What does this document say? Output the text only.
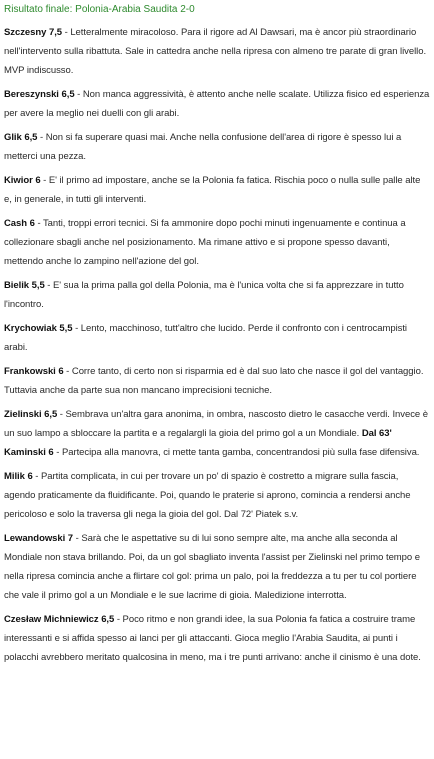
Risultato finale: Polonia-Arabia Saudita 2-0
Szczesny 7,5 - Letteralmente miracoloso. Para il rigore ad Al Dawsari, ma è ancor più straordinario nell'intervento sulla ribattuta. Sale in cattedra anche nella ripresa con almeno tre parate di gran livello. MVP indiscusso.
Bereszynski 6,5 - Non manca aggressività, è attento anche nelle scalate. Utilizza fisico ed esperienza per avere la meglio nei duelli con gli arabi.
Glik 6,5 - Non si fa superare quasi mai. Anche nella confusione dell'area di rigore è spesso lui a metterci una pezza.
Kiwior 6 - E' il primo ad impostare, anche se la Polonia fa fatica. Rischia poco o nulla sulle palle alte e, in generale, in tutti gli interventi.
Cash 6 - Tanti, troppi errori tecnici. Si fa ammonire dopo pochi minuti ingenuamente e continua a collezionare sbagli anche nel posizionamento. Ma rimane attivo e si propone spesso davanti, mettendo anche lo zampino nell'azione del gol.
Bielik 5,5 - E' sua la prima palla gol della Polonia, ma è l'unica volta che si fa apprezzare in tutto l'incontro.
Krychowiak 5,5 - Lento, macchinoso, tutt'altro che lucido. Perde il confronto con i centrocampisti arabi.
Frankowski 6 - Corre tanto, di certo non si risparmia ed è dal suo lato che nasce il gol del vantaggio. Tuttavia anche da parte sua non mancano imprecisioni tecniche.
Zielinski 6,5 - Sembrava un'altra gara anonima, in ombra, nascosto dietro le casacche verdi. Invece è un suo lampo a sbloccare la partita e a regalargli la gioia del primo gol a un Mondiale. Dal 63' Kaminski 6 - Partecipa alla manovra, ci mette tanta gamba, concentrandosi più sulla fase difensiva.
Milik 6 - Partita complicata, in cui per trovare un po' di spazio è costretto a migrare sulla fascia, agendo praticamente da fluidificante. Poi, quando le praterie si aprono, comincia a rendersi anche pericoloso e solo la traversa gli nega la gioia del gol. Dal 72' Piatek s.v.
Lewandowski 7 - Sarà che le aspettative su di lui sono sempre alte, ma anche alla seconda al Mondiale non stava brillando. Poi, da un gol sbagliato inventa l'assist per Zielinski nel primo tempo e nella ripresa comincia anche a flirtare col gol: prima un palo, poi la freddezza a tu per tu col portiere che vale il primo gol a un Mondiale e le sue lacrime di gioia. Maledizione interrotta.
Czesław Michniewicz 6,5 - Poco ritmo e non grandi idee, la sua Polonia fa fatica a costruire trame interessanti e si affida spesso ai lanci per gli attaccanti. Gioca meglio l'Arabia Saudita, ai punti i polacchi avrebbero meritato qualcosina in meno, ma i tre punti arrivano: anche il cinismo è una dote.
